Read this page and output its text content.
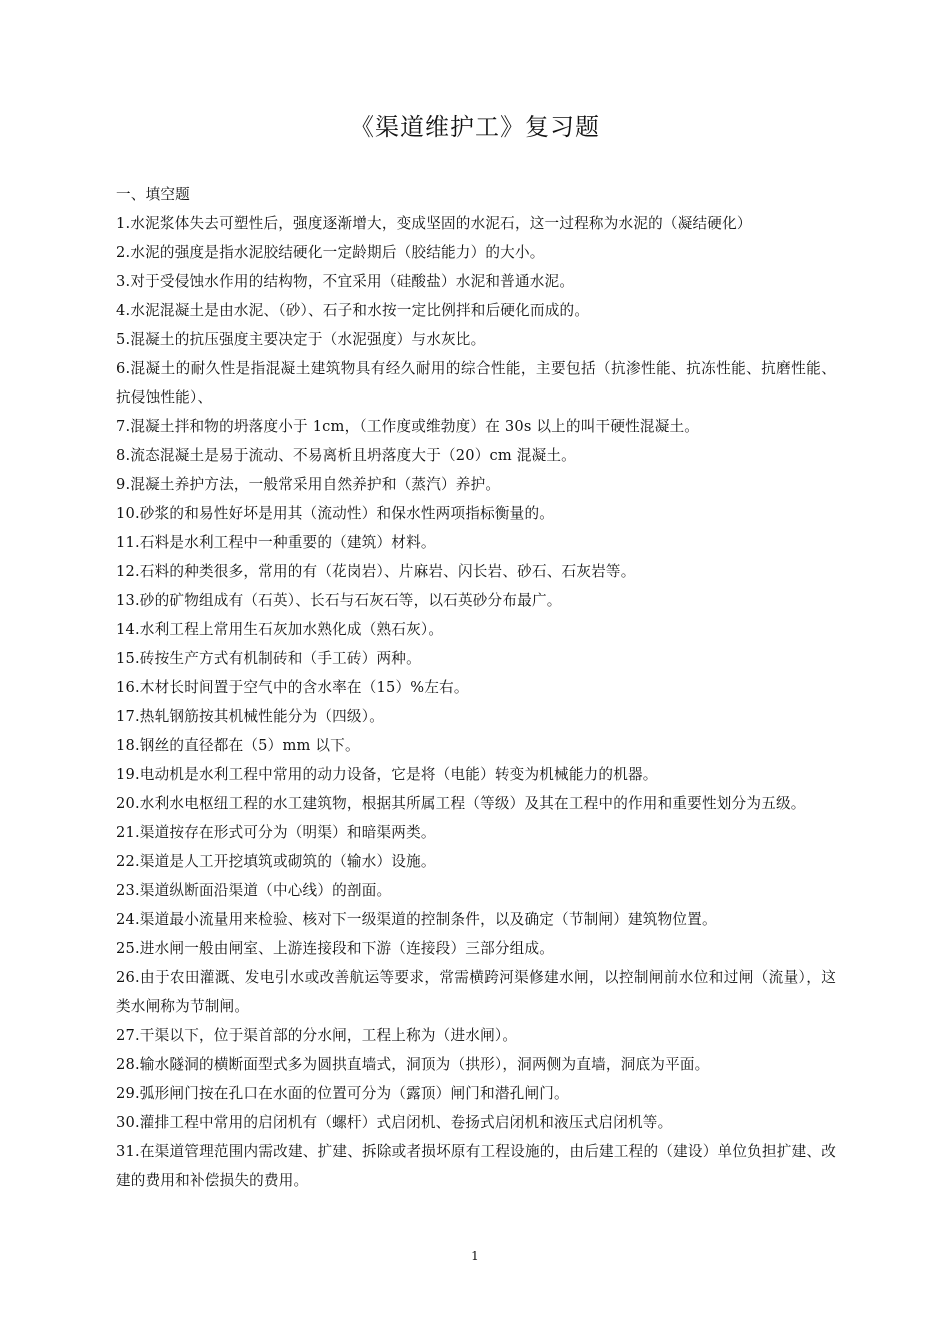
《渠道维护工》复习题

一、填空题

1.水泥浆体失去可塑性后，强度逐渐增大，变成坚固的水泥石，这一过程称为水泥的（凝结硬化）

2.水泥的强度是指水泥胶结硬化一定龄期后（胶结能力）的大小。

3.对于受侵蚀水作用的结构物，不宜采用（硅酸盐）水泥和普通水泥。

4.水泥混凝土是由水泥、（砂）、石子和水按一定比例拌和后硬化而成的。

5.混凝土的抗压强度主要决定于（水泥强度）与水灰比。

6.混凝土的耐久性是指混凝土建筑物具有经久耐用的综合性能，主要包括（抗渗性能、抗冻性能、抗磨性能、抗侵蚀性能）、

7.混凝土拌和物的坍落度小于 1cm，（工作度或维勃度）在 30s 以上的叫干硬性混凝土。

8.流态混凝土是易于流动、不易离析且坍落度大于（20）cm 混凝土。

9.混凝土养护方法，一般常采用自然养护和（蒸汽）养护。

10.砂浆的和易性好坏是用其（流动性）和保水性两项指标衡量的。

11.石料是水利工程中一种重要的（建筑）材料。

12.石料的种类很多，常用的有（花岗岩）、片麻岩、闪长岩、砂石、石灰岩等。

13.砂的矿物组成有（石英）、长石与石灰石等，以石英砂分布最广。

14.水利工程上常用生石灰加水熟化成（熟石灰）。

15.砖按生产方式有机制砖和（手工砖）两种。

16.木材长时间置于空气中的含水率在（15）%左右。

17.热轧钢筋按其机械性能分为（四级）。

18.钢丝的直径都在（5）mm 以下。

19.电动机是水利工程中常用的动力设备，它是将（电能）转变为机械能力的机器。

20.水利水电枢纽工程的水工建筑物，根据其所属工程（等级）及其在工程中的作用和重要性划分为五级。

21.渠道按存在形式可分为（明渠）和暗渠两类。

22.渠道是人工开挖填筑或砌筑的（输水）设施。

23.渠道纵断面沿渠道（中心线）的剖面。

24.渠道最小流量用来检验、核对下一级渠道的控制条件，以及确定（节制闸）建筑物位置。

25.进水闸一般由闸室、上游连接段和下游（连接段）三部分组成。

26.由于农田灌溉、发电引水或改善航运等要求，常需横跨河渠修建水闸，以控制闸前水位和过闸（流量），这类水闸称为节制闸。

27.干渠以下，位于渠首部的分水闸，工程上称为（进水闸）。

28.输水隧洞的横断面型式多为圆拱直墙式，洞顶为（拱形），洞两侧为直墙，洞底为平面。

29.弧形闸门按在孔口在水面的位置可分为（露顶）闸门和潜孔闸门。

30.灌排工程中常用的启闭机有（螺杆）式启闭机、卷扬式启闭机和液压式启闭机等。

31.在渠道管理范围内需改建、扩建、拆除或者损坏原有工程设施的，由后建工程的（建设）单位负担扩建、改建的费用和补偿损失的费用。

1
